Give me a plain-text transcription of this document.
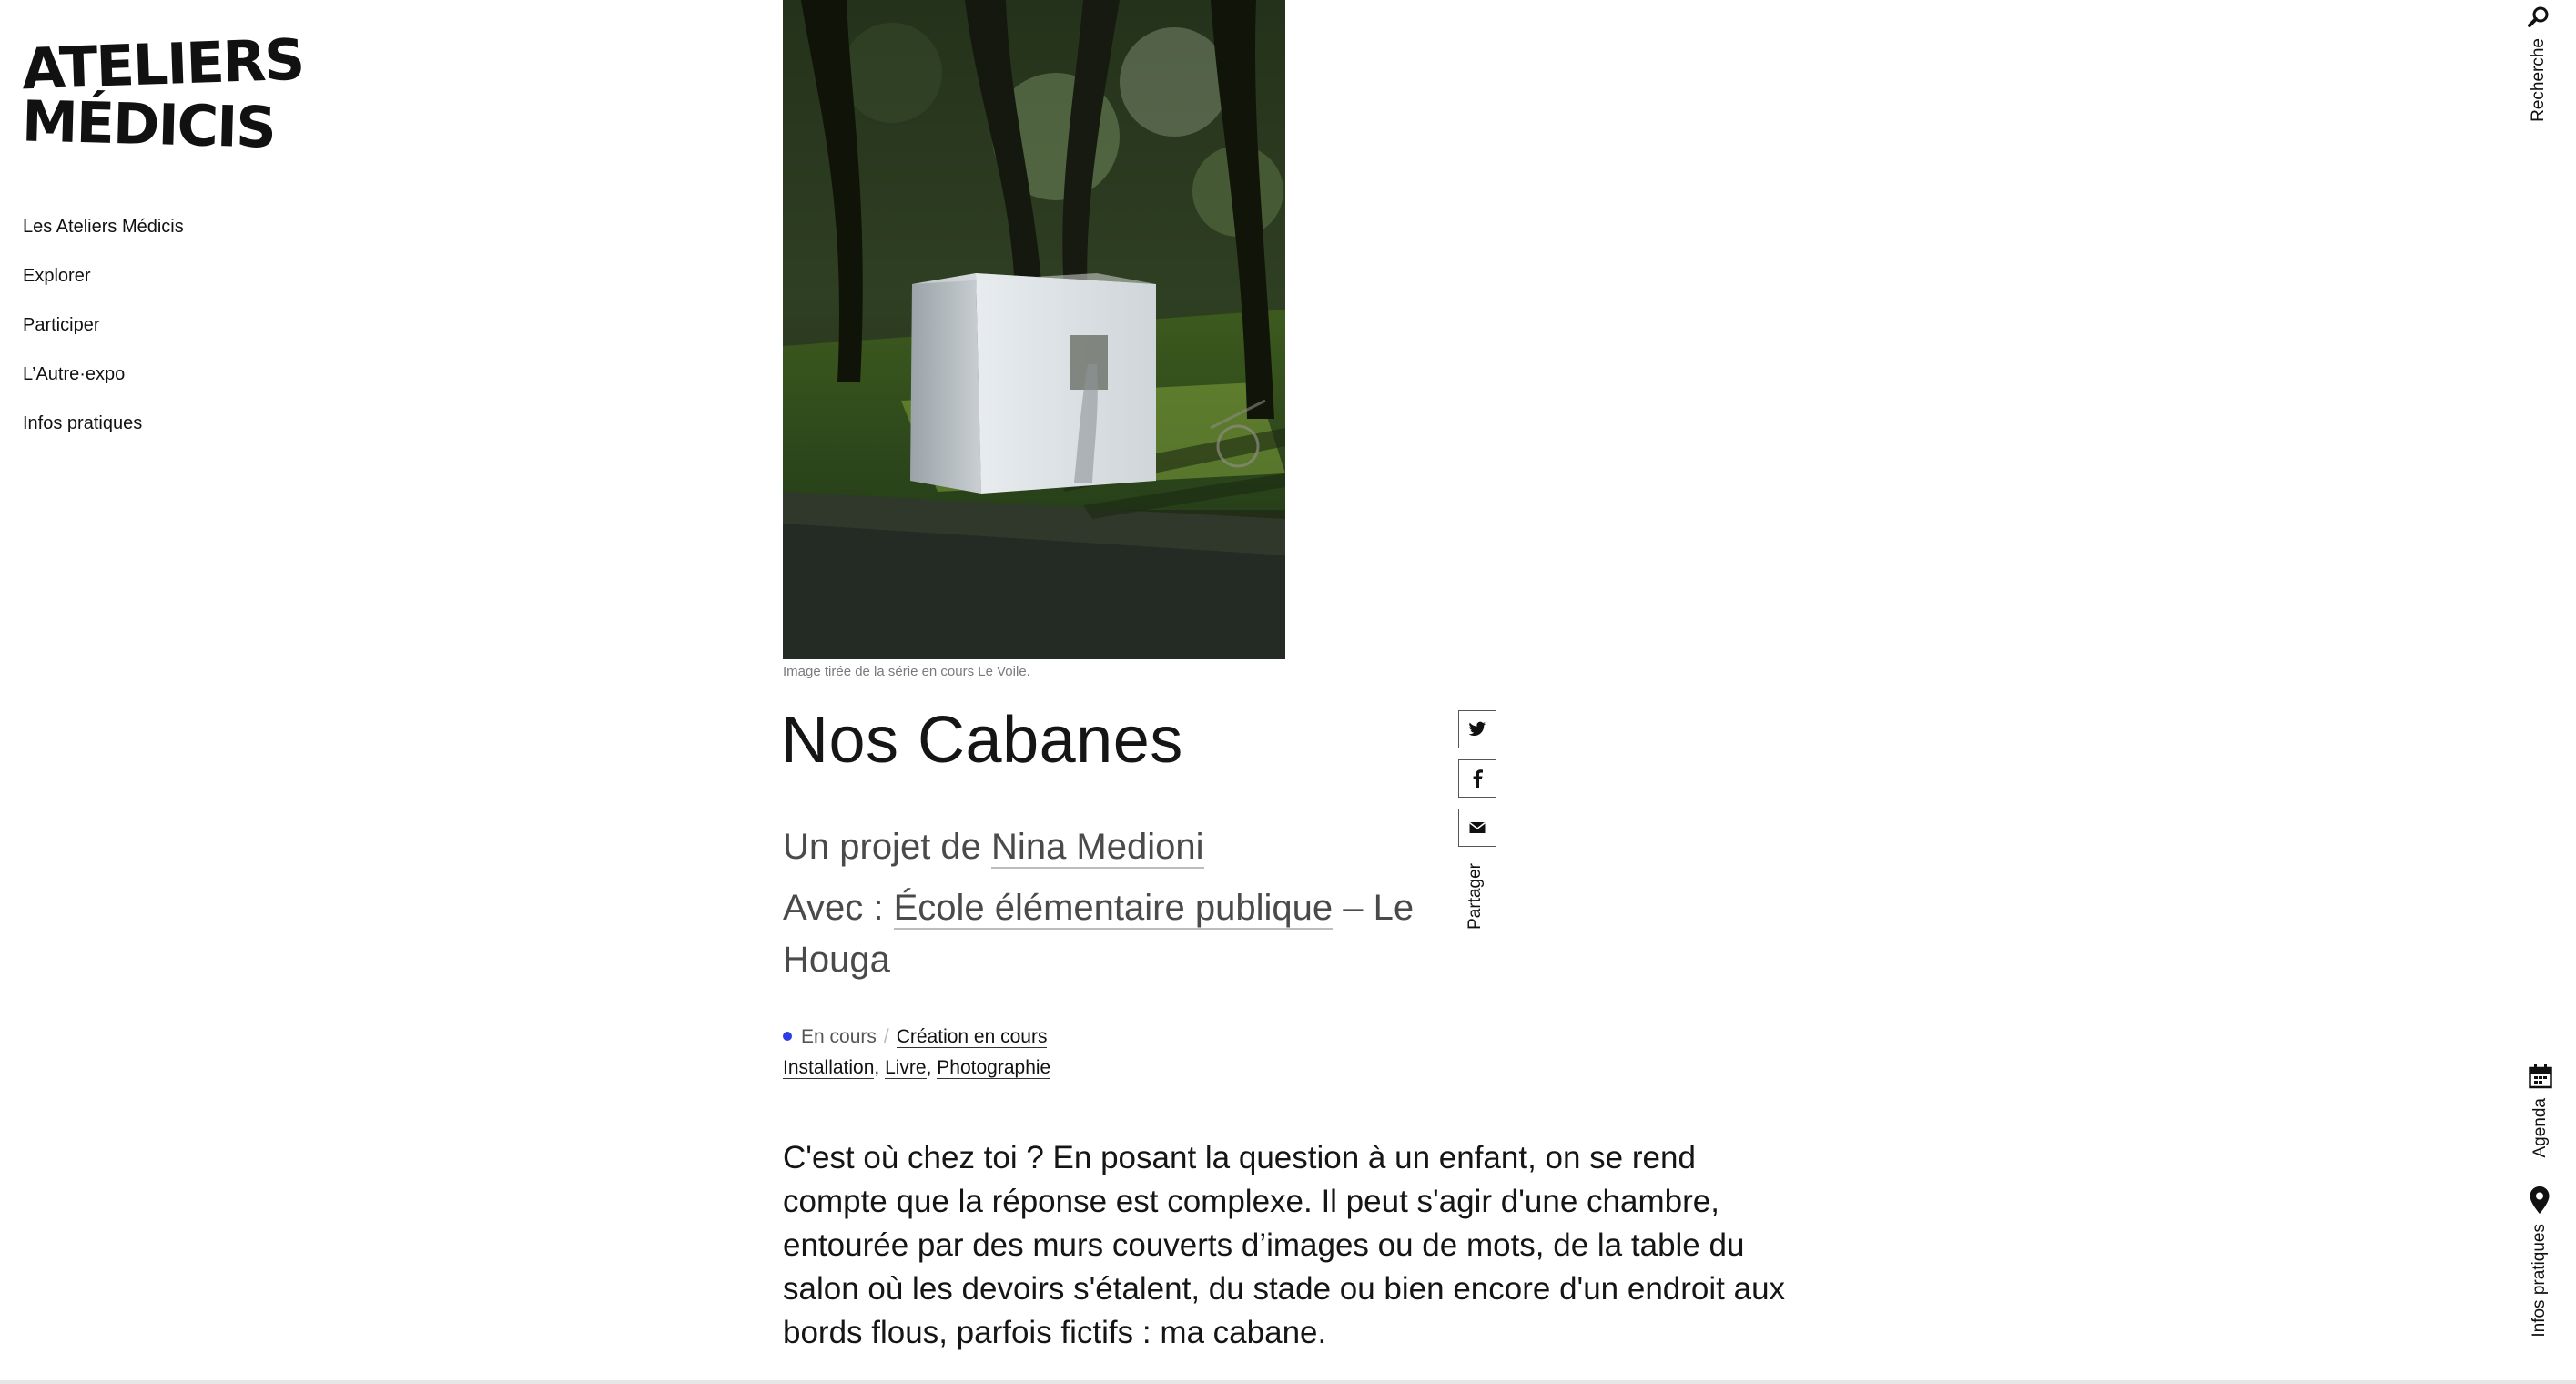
ATELIERS
MÉDICIS
Les Ateliers Médicis
Explorer
Participer
L’Autre·expo
Infos pratiques
Recherche
Agenda
Infos pratiques
Image tirée de la série en cours Le Voile.
Nos Cabanes
Un projet de Nina Medioni
Avec : École élémentaire publique – Le Houga
Partager
En cours / Création en cours
Installation, Livre, Photographie

C'est où chez toi ? En posant la question à un enfant, on se rend compte que la réponse est complexe. Il peut s'agir d'une chambre, entourée par des murs couverts d’images ou de mots, de la table du salon où les devoirs s'étalent, du stade ou bien encore d'un endroit aux bords flous, parfois fictifs : ma cabane.
